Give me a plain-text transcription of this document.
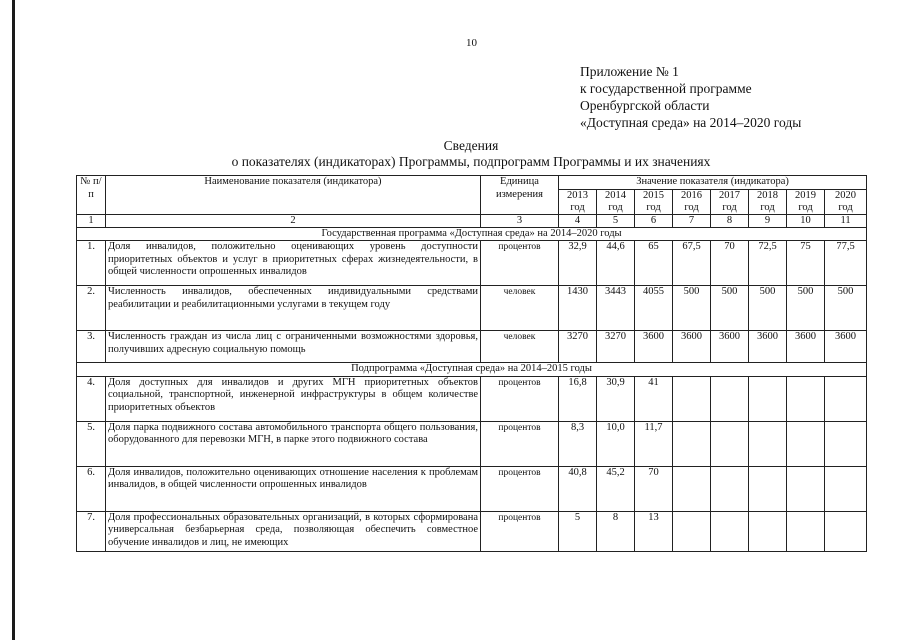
10
Приложение № 1
к государственной программе
Оренбургской области
«Доступная среда» на 2014–2020 годы
Сведения
о показателях (индикаторах) Программы, подпрограмм Программы и их значениях
№ п/п	Наименование показателя (индикатора)	Единица измерения	Значение показателя (индикатора)							
			2013 год	2014 год	2015 год	2016 год	2017 год	2018 год	2019 год	2020 год
1	2	3	4	5	6	7	8	9	10	11
Государственная программа «Доступная среда» на 2014–2020 годы										
1.	Доля инвалидов, положительно оценивающих уровень доступности приоритетных объектов и услуг в приоритетных сферах жизнедеятельности, в общей численности опрошенных инвалидов	процентов	32,9	44,6	65	67,5	70	72,5	75	77,5
2.	Численность инвалидов, обеспеченных индивидуальными средствами реабилитации и реабилитационными услугами в текущем году	человек	1430	3443	4055	500	500	500	500	500
3.	Численность граждан из числа лиц с ограниченными возможностями здоровья, получивших адресную социальную помощь	человек	3270	3270	3600	3600	3600	3600	3600	3600
Подпрограмма «Доступная среда» на 2014–2015 годы										
4.	Доля доступных для инвалидов и других МГН приоритетных объектов социальной, транспортной, инженерной инфраструктуры в общем количестве приоритетных объектов	процентов	16,8	30,9	41					
5.	Доля парка подвижного состава автомобильного транспорта общего пользования, оборудованного для перевозки МГН, в парке этого подвижного состава	процентов	8,3	10,0	11,7					
6.	Доля инвалидов, положительно оценивающих отношение населения к проблемам инвалидов, в общей численности опрошенных инвалидов	процентов	40,8	45,2	70					
7.	Доля профессиональных образовательных организаций, в которых сформирована универсальная безбарьерная среда, позволяющая обеспечить совместное обучение инвалидов и лиц, не имеющих	процентов	5	8	13					
